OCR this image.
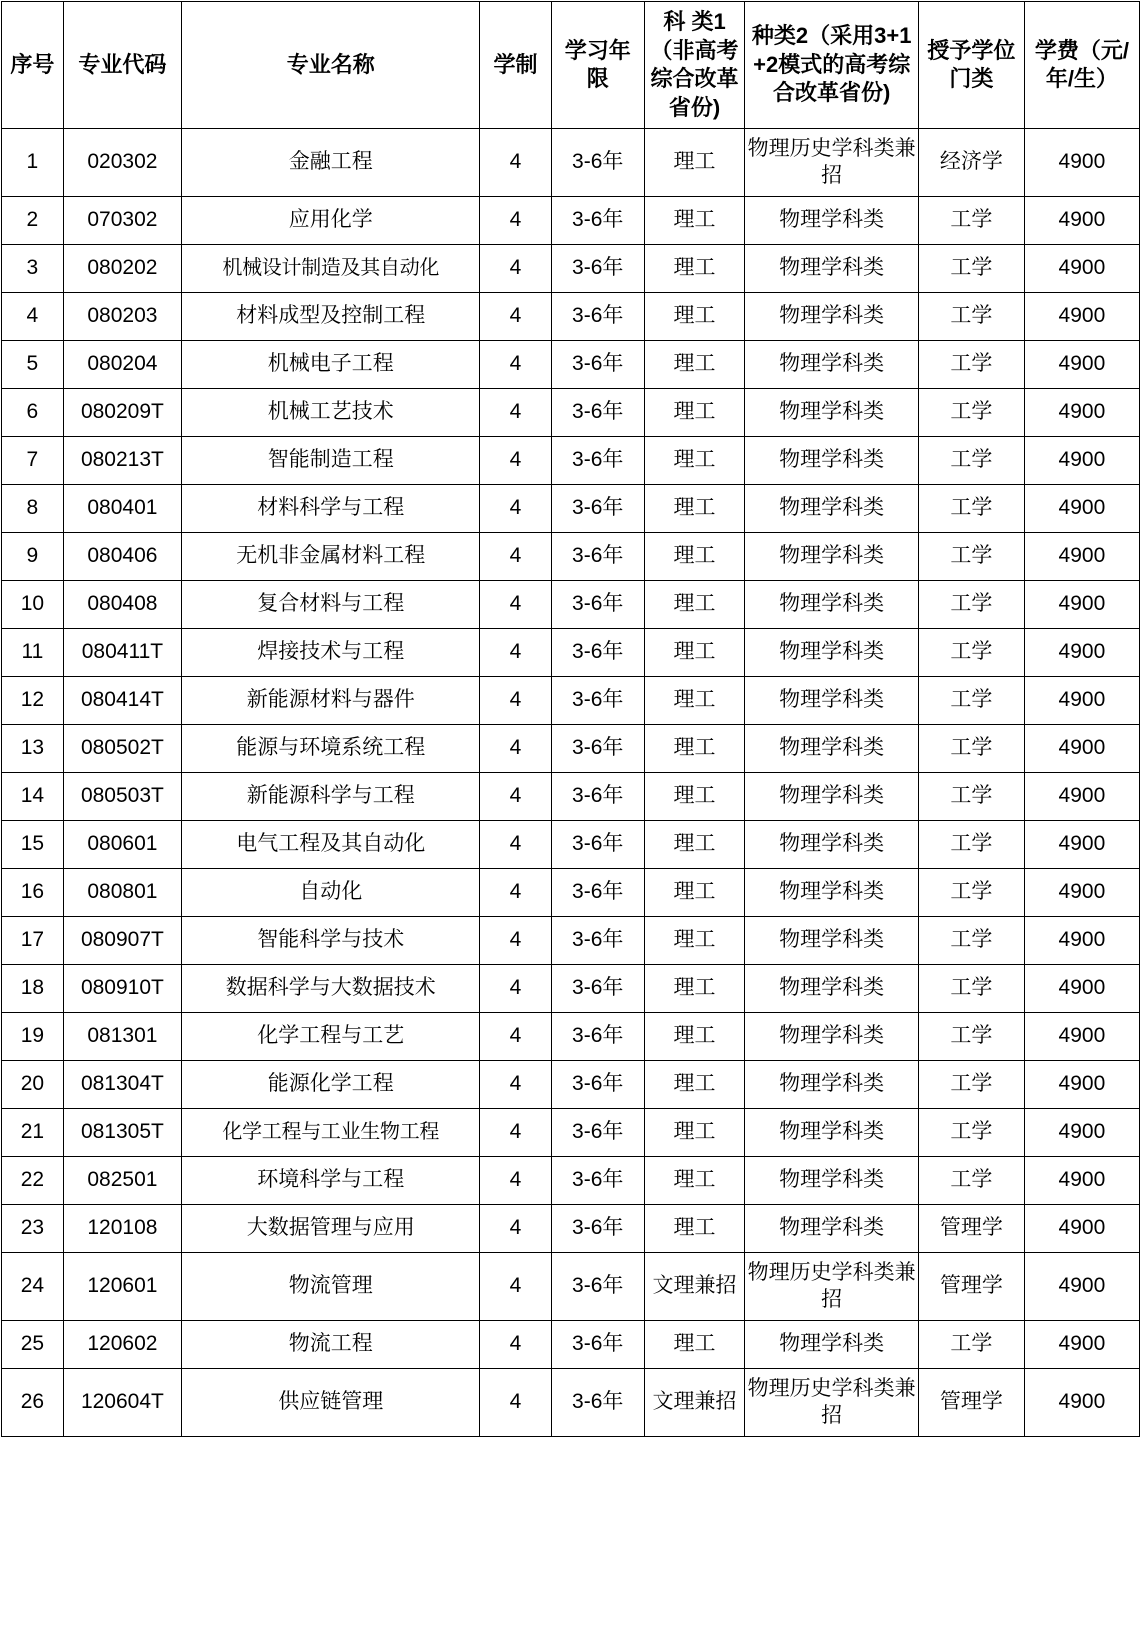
序号	专业代码	专业名称	学制	学习年限	科 类1（非高考综合改革省份)	种类2（采用3+1+2模式的高考综合改革省份)	授予学位门类	学费（元/年/生）
1	020302	金融工程	4	3-6年	理工	物理历史学科类兼招	经济学	4900
2	070302	应用化学	4	3-6年	理工	物理学科类	工学	4900
3	080202	机械设计制造及其自动化	4	3-6年	理工	物理学科类	工学	4900
4	080203	材料成型及控制工程	4	3-6年	理工	物理学科类	工学	4900
5	080204	机械电子工程	4	3-6年	理工	物理学科类	工学	4900
6	080209T	机械工艺技术	4	3-6年	理工	物理学科类	工学	4900
7	080213T	智能制造工程	4	3-6年	理工	物理学科类	工学	4900
8	080401	材料科学与工程	4	3-6年	理工	物理学科类	工学	4900
9	080406	无机非金属材料工程	4	3-6年	理工	物理学科类	工学	4900
10	080408	复合材料与工程	4	3-6年	理工	物理学科类	工学	4900
11	080411T	焊接技术与工程	4	3-6年	理工	物理学科类	工学	4900
12	080414T	新能源材料与器件	4	3-6年	理工	物理学科类	工学	4900
13	080502T	能源与环境系统工程	4	3-6年	理工	物理学科类	工学	4900
14	080503T	新能源科学与工程	4	3-6年	理工	物理学科类	工学	4900
15	080601	电气工程及其自动化	4	3-6年	理工	物理学科类	工学	4900
16	080801	自动化	4	3-6年	理工	物理学科类	工学	4900
17	080907T	智能科学与技术	4	3-6年	理工	物理学科类	工学	4900
18	080910T	数据科学与大数据技术	4	3-6年	理工	物理学科类	工学	4900
19	081301	化学工程与工艺	4	3-6年	理工	物理学科类	工学	4900
20	081304T	能源化学工程	4	3-6年	理工	物理学科类	工学	4900
21	081305T	化学工程与工业生物工程	4	3-6年	理工	物理学科类	工学	4900
22	082501	环境科学与工程	4	3-6年	理工	物理学科类	工学	4900
23	120108	大数据管理与应用	4	3-6年	理工	物理学科类	管理学	4900
24	120601	物流管理	4	3-6年	文理兼招	物理历史学科类兼招	管理学	4900
25	120602	物流工程	4	3-6年	理工	物理学科类	工学	4900
26	120604T	供应链管理	4	3-6年	文理兼招	物理历史学科类兼招	管理学	4900
